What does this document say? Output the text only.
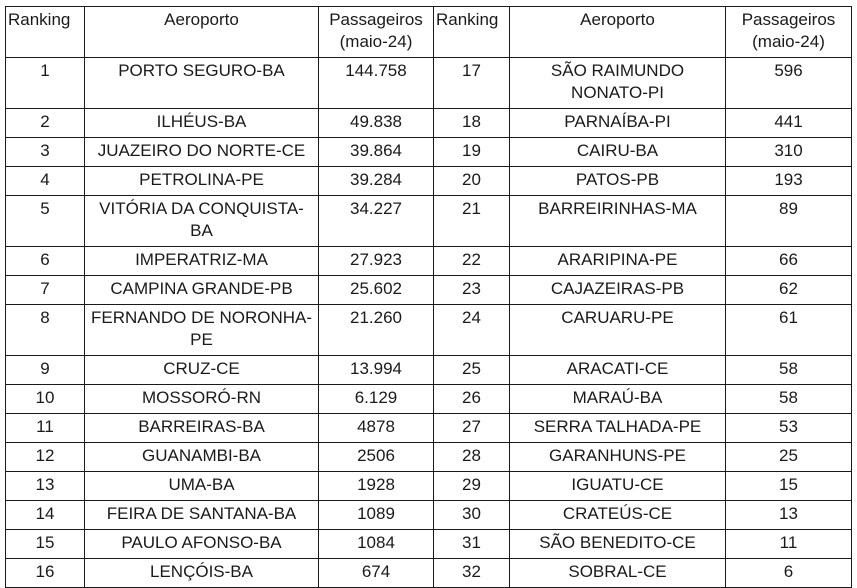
Ranking	Aeroporto	Passageiros (maio-24)	Ranking	Aeroporto	Passageiros (maio-24)
1	PORTO SEGURO-BA	144.758	17	SÃO RAIMUNDO NONATO-PI	596
2	ILHÉUS-BA	49.838	18	PARNAÍBA-PI	441
3	JUAZEIRO DO NORTE-CE	39.864	19	CAIRU-BA	310
4	PETROLINA-PE	39.284	20	PATOS-PB	193
5	VITÓRIA DA CONQUISTA-BA	34.227	21	BARREIRINHAS-MA	89
6	IMPERATRIZ-MA	27.923	22	ARARIPINA-PE	66
7	CAMPINA GRANDE-PB	25.602	23	CAJAZEIRAS-PB	62
8	FERNANDO DE NORONHA-PE	21.260	24	CARUARU-PE	61
9	CRUZ-CE	13.994	25	ARACATI-CE	58
10	MOSSORÓ-RN	6.129	26	MARAÚ-BA	58
11	BARREIRAS-BA	4878	27	SERRA TALHADA-PE	53
12	GUANAMBI-BA	2506	28	GARANHUNS-PE	25
13	UMA-BA	1928	29	IGUATU-CE	15
14	FEIRA DE SANTANA-BA	1089	30	CRATEÚS-CE	13
15	PAULO AFONSO-BA	1084	31	SÃO BENEDITO-CE	11
16	LENÇÓIS-BA	674	32	SOBRAL-CE	6
